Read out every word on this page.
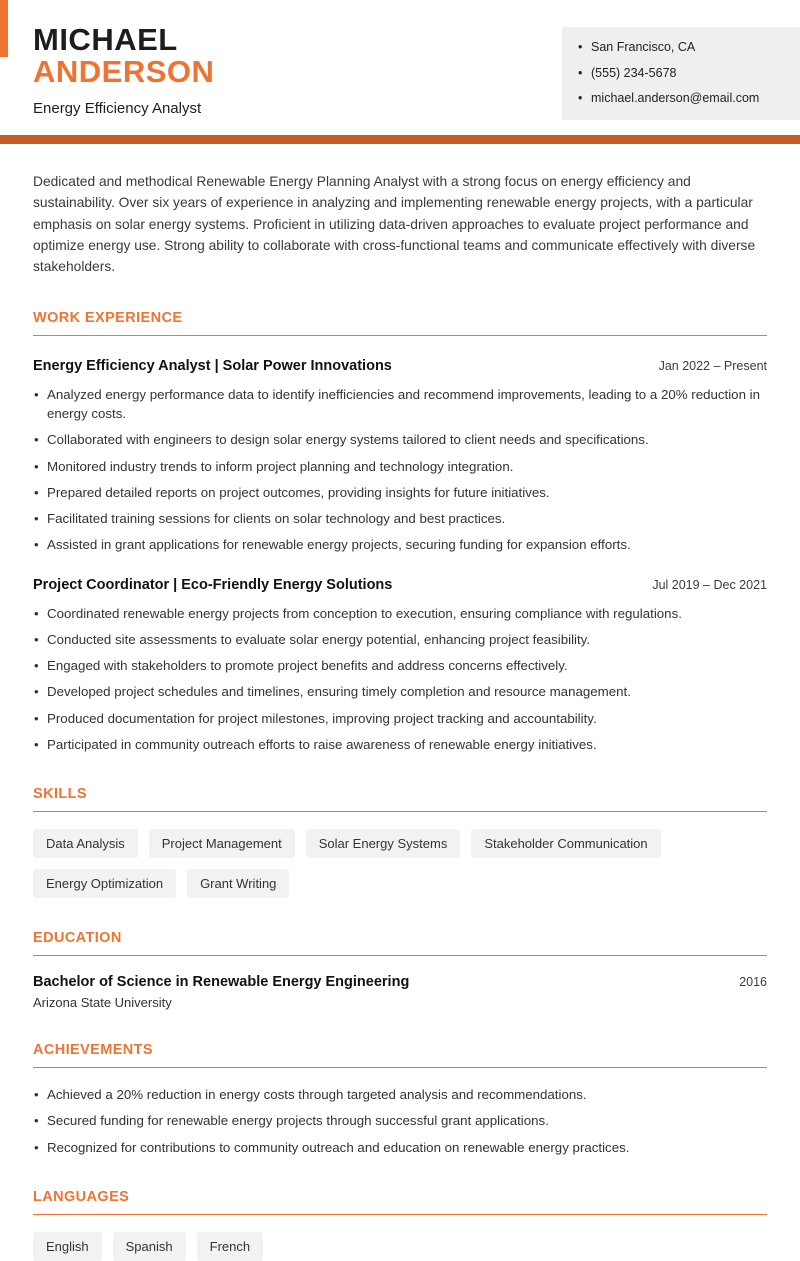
MICHAEL
ANDERSON
Energy Efficiency Analyst
• San Francisco, CA
• (555) 234-5678
• michael.anderson@email.com

Dedicated and methodical Renewable Energy Planning Analyst with a strong focus on energy efficiency and sustainability. Over six years of experience in analyzing and implementing renewable energy projects, with a particular emphasis on solar energy systems. Proficient in utilizing data-driven approaches to evaluate project performance and optimize energy use. Strong ability to collaborate with cross-functional teams and communicate effectively with diverse stakeholders.

WORK EXPERIENCE
Energy Efficiency Analyst | Solar Power Innovations	Jan 2022 – Present
• Analyzed energy performance data to identify inefficiencies and recommend improvements, leading to a 20% reduction in energy costs.
• Collaborated with engineers to design solar energy systems tailored to client needs and specifications.
• Monitored industry trends to inform project planning and technology integration.
• Prepared detailed reports on project outcomes, providing insights for future initiatives.
• Facilitated training sessions for clients on solar technology and best practices.
• Assisted in grant applications for renewable energy projects, securing funding for expansion efforts.
Project Coordinator | Eco-Friendly Energy Solutions	Jul 2019 – Dec 2021
• Coordinated renewable energy projects from conception to execution, ensuring compliance with regulations.
• Conducted site assessments to evaluate solar energy potential, enhancing project feasibility.
• Engaged with stakeholders to promote project benefits and address concerns effectively.
• Developed project schedules and timelines, ensuring timely completion and resource management.
• Produced documentation for project milestones, improving project tracking and accountability.
• Participated in community outreach efforts to raise awareness of renewable energy initiatives.
SKILLS
Data Analysis	Project Management	Solar Energy Systems	Stakeholder Communication
Energy Optimization	Grant Writing
EDUCATION
Bachelor of Science in Renewable Energy Engineering	2016
Arizona State University
ACHIEVEMENTS
• Achieved a 20% reduction in energy costs through targeted analysis and recommendations.
• Secured funding for renewable energy projects through successful grant applications.
• Recognized for contributions to community outreach and education on renewable energy practices.
LANGUAGES
English	Spanish	French
